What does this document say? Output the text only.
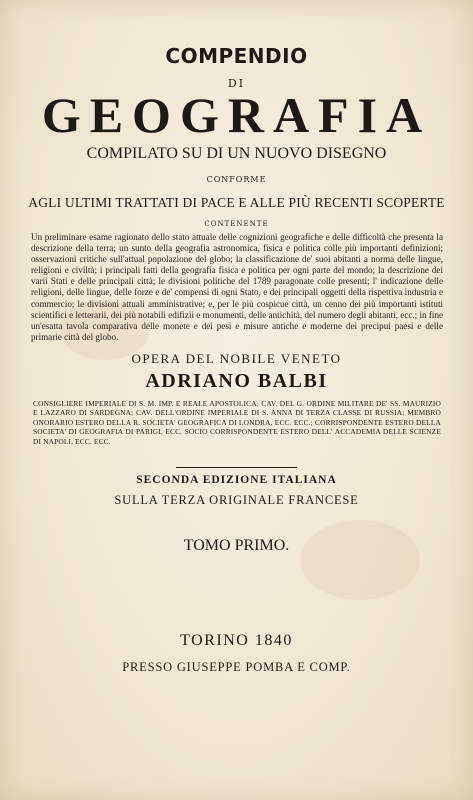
COMPENDIO
DI
GEOGRAFIA
COMPILATO SU DI UN NUOVO DISEGNO
CONFORME
AGLI ULTIMI TRATTATI DI PACE E ALLE PIÙ RECENTI SCOPERTE
CONTENENTE

Un preliminare esame ragionato dello stato attuale delle cognizioni geografiche e delle difficoltà che presenta la descrizione della terra; un sunto della geografia astronomica, fisica e politica colle più importanti definizioni; osservazioni critiche sull'attual popolazione del globo; la classificazione de' suoi abitanti a norma delle lingue, religioni e civiltà; i principali fatti della geografia fisica e politica per ogni parte del mondo; la descrizione dei varii Stati e delle principali città; le divisioni politiche del 1789 paragonate colle presenti; l' indicazione delle religioni, delle lingue, delle forze e de' compensi di ogni Stato, e dei principali oggetti della rispettiva industria e commercio; le divisioni attuali amministrative; e, per le più cospicue città, un cenno dei più importanti istituti scientifici e letterarii, dei più notabili edifizii e monumenti, delle antichità, del numero degli abitanti, ecc.; in fine un'esatta tavola comparativa delle monete e dei pesi e misure antiche e moderne dei precipui paesi e delle primarie città del globo.

OPERA DEL NOBILE VENETO
ADRIANO BALBI

CONSIGLIERE IMPERIALE DI S. M. IMP. E REALE APOSTOLICA; CAV. DEL G. ORDINE MILITARE DE' SS. MAURIZIO E LAZZARO DI SARDEGNA; CAV. DELL'ORDINE IMPERIALE DI S. ANNA DI TERZA CLASSE DI RUSSIA; MEMBRO ONORARIO ESTERO DELLA R. SOCIETA' GEOGRAFICA DI LONDRA, ECC. ECC.; CORRISPONDENTE ESTERO DELLA SOCIETA' DI GEOGRAFIA DI PARIGI, ECC. SOCIO CORRISPONDENTE ESTERO DELL' ACCADEMIA DELLE SCIENZE DI NAPOLI, ECC. ECC.

SECONDA EDIZIONE ITALIANA
SULLA TERZA ORIGINALE FRANCESE
TOMO PRIMO.
TORINO 1840
PRESSO GIUSEPPE POMBA E COMP.
